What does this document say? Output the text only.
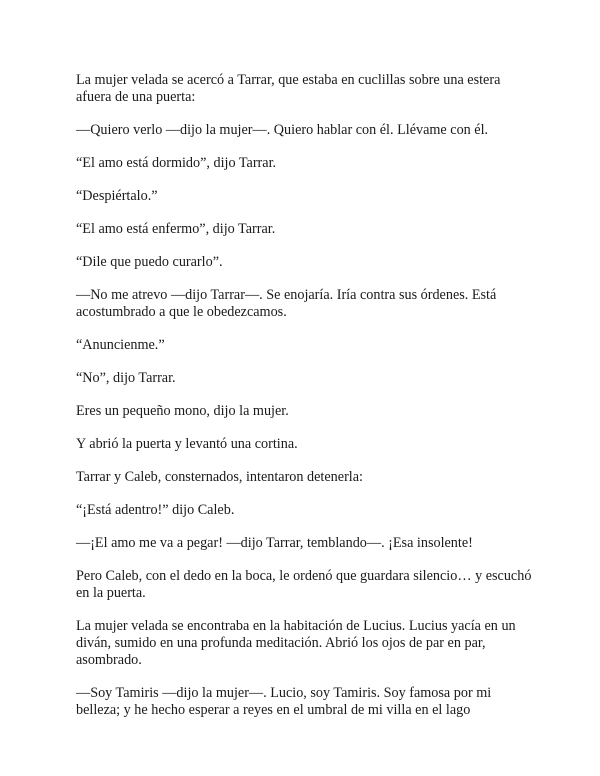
La mujer velada se acercó a Tarrar, que estaba en cuclillas sobre una estera afuera de una puerta:

—Quiero verlo —dijo la mujer—. Quiero hablar con él. Llévame con él.

“El amo está dormido”, dijo Tarrar.

“Despiértalo.”

“El amo está enfermo”, dijo Tarrar.

“Dile que puedo curarlo”.

—No me atrevo —dijo Tarrar—. Se enojaría. Iría contra sus órdenes. Está acostumbrado a que le obedezcamos.

“Anuncienme.”

“No”, dijo Tarrar.

Eres un pequeño mono, dijo la mujer.

Y abrió la puerta y levantó una cortina.

Tarrar y Caleb, consternados, intentaron detenerla:

“¡Está adentro!” dijo Caleb.

—¡El amo me va a pegar! —dijo Tarrar, temblando—. ¡Esa insolente!

Pero Caleb, con el dedo en la boca, le ordenó que guardara silencio… y escuchó en la puerta.

La mujer velada se encontraba en la habitación de Lucius. Lucius yacía en un diván, sumido en una profunda meditación. Abrió los ojos de par en par, asombrado.

—Soy Tamiris —dijo la mujer—. Lucio, soy Tamiris. Soy famosa por mi belleza; y he hecho esperar a reyes en el umbral de mi villa en el lago
